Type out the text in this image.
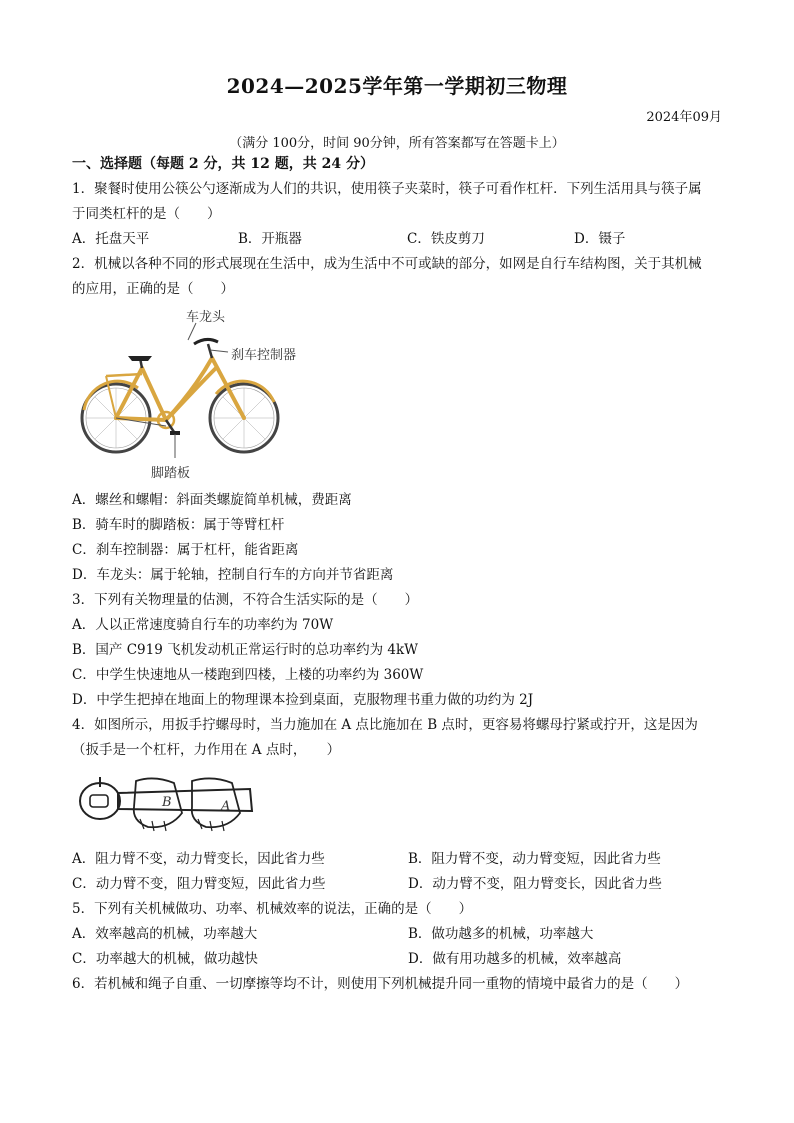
2024—2025学年第一学期初三物理
2024年09月
（满分 100分，时间 90分钟，所有答案都写在答题卡上）
一、选择题（每题 2 分，共 12 题，共 24 分）
1．聚餐时使用公筷公勺逐渐成为人们的共识，使用筷子夹菜时，筷子可看作杠杆．下列生活用具与筷子属
于同类杠杆的是（　　）
A．托盘天平	B．开瓶器	C．铁皮剪刀	D．镊子
2．机械以各种不同的形式展现在生活中，成为生活中不可或缺的部分，如网是自行车结构图，关于其机械
的应用，正确的是（　　）
车龙头
刹车控制器
脚踏板
A．螺丝和螺帽：斜面类螺旋简单机械，费距离
B．骑车时的脚踏板：属于等臂杠杆
C．刹车控制器：属于杠杆，能省距离
D．车龙头：属于轮轴，控制自行车的方向并节省距离
3．下列有关物理量的估测，不符合生活实际的是（　　）
A．人以正常速度骑自行车的功率约为 70W
B．国产 C919 飞机发动机正常运行时的总功率约为 4kW
C．中学生快速地从一楼跑到四楼，上楼的功率约为 360W
D．中学生把掉在地面上的物理课本捡到桌面，克服物理书重力做的功约为 2J
4．如图所示，用扳手拧螺母时，当力施加在 A 点比施加在 B 点时，更容易将螺母拧紧或拧开，这是因为
（扳手是一个杠杆，力作用在 A 点时，　　）
B	A
A．阻力臂不变，动力臂变长，因此省力些	B．阻力臂不变，动力臂变短，因此省力些
C．动力臂不变，阻力臂变短，因此省力些	D．动力臂不变，阻力臂变长，因此省力些
5．下列有关机械做功、功率、机械效率的说法，正确的是（　　）
A．效率越高的机械，功率越大	B．做功越多的机械，功率越大
C．功率越大的机械，做功越快	D．做有用功越多的机械，效率越高
6．若机械和绳子自重、一切摩擦等均不计，则使用下列机械提升同一重物的情境中最省力的是（　　）
